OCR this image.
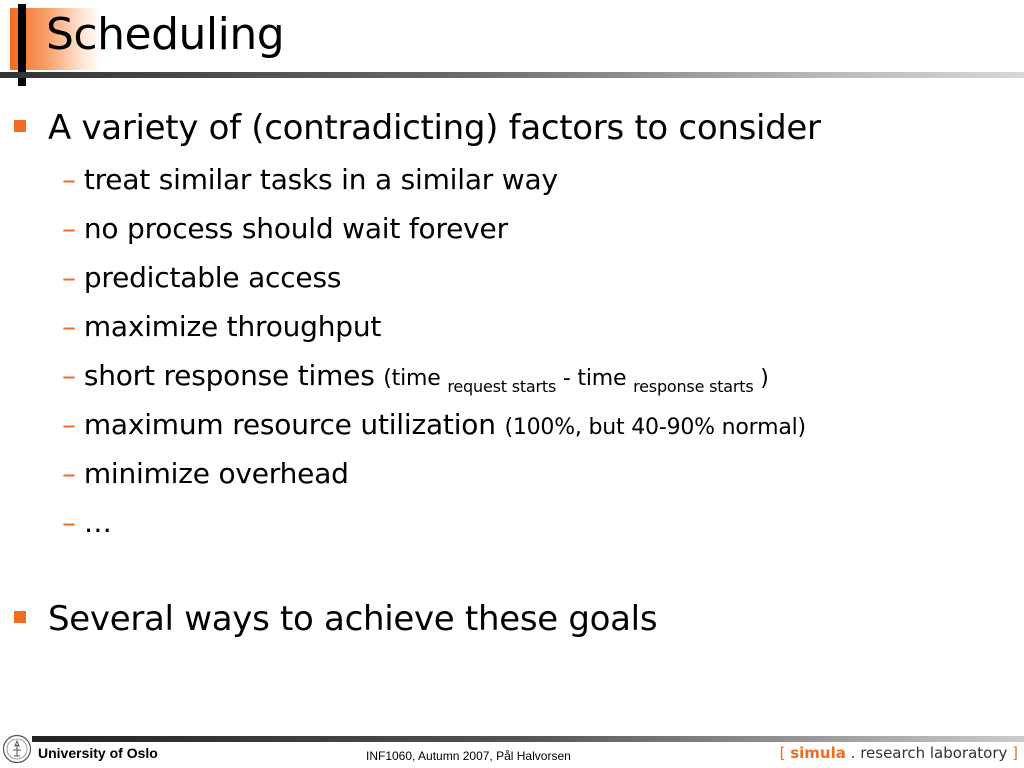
Scheduling
A variety of (contradicting) factors to consider
– treat similar tasks in a similar way
– no process should wait forever
– predictable access
– maximize throughput
– short response times (time $_{request starts}$ - time $_{response starts}$ )
– maximum resource utilization (100%, but 40-90% normal)
– minimize overhead
– …
Several ways to achieve these goals
University of Oslo	INF1060, Autumn 2007, Pål Halvorsen	[ simula . research laboratory ]
